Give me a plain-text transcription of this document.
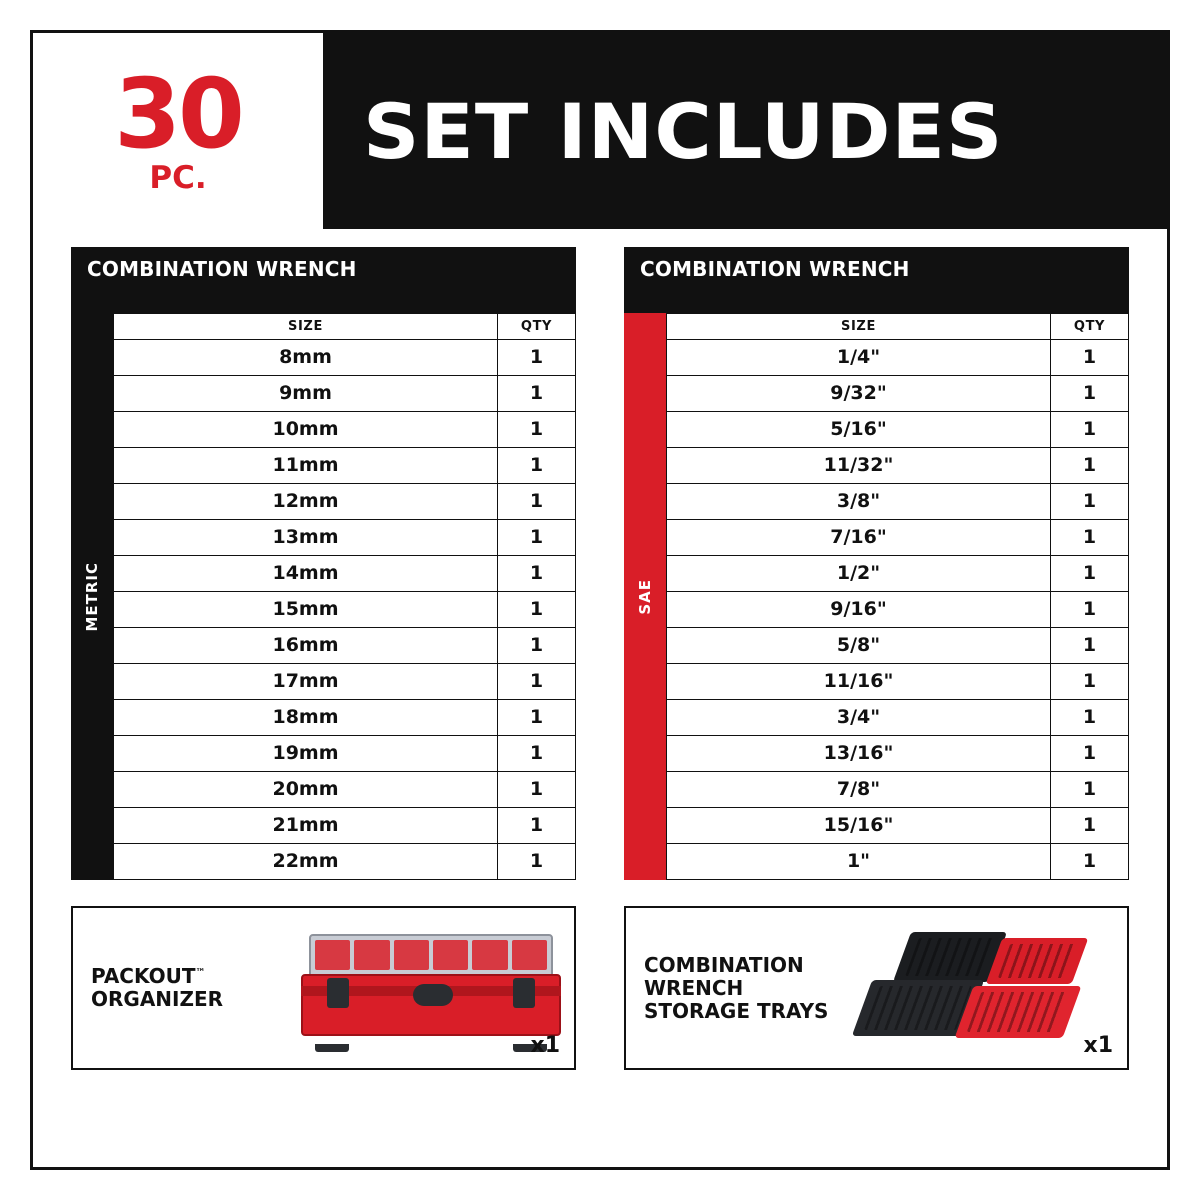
30
PC.
SET INCLUDES
COMBINATION WRENCH
METRIC
SIZE	QTY
8mm	1
9mm	1
10mm	1
11mm	1
12mm	1
13mm	1
14mm	1
15mm	1
16mm	1
17mm	1
18mm	1
19mm	1
20mm	1
21mm	1
22mm	1
COMBINATION WRENCH
SAE
SIZE	QTY
1/4"	1
9/32"	1
5/16"	1
11/32"	1
3/8"	1
7/16"	1
1/2"	1
9/16"	1
5/8"	1
11/16"	1
3/4"	1
13/16"	1
7/8"	1
15/16"	1
1"	1
PACKOUT™
ORGANIZER
x1
COMBINATION
WRENCH STORAGE TRAYS
x1
